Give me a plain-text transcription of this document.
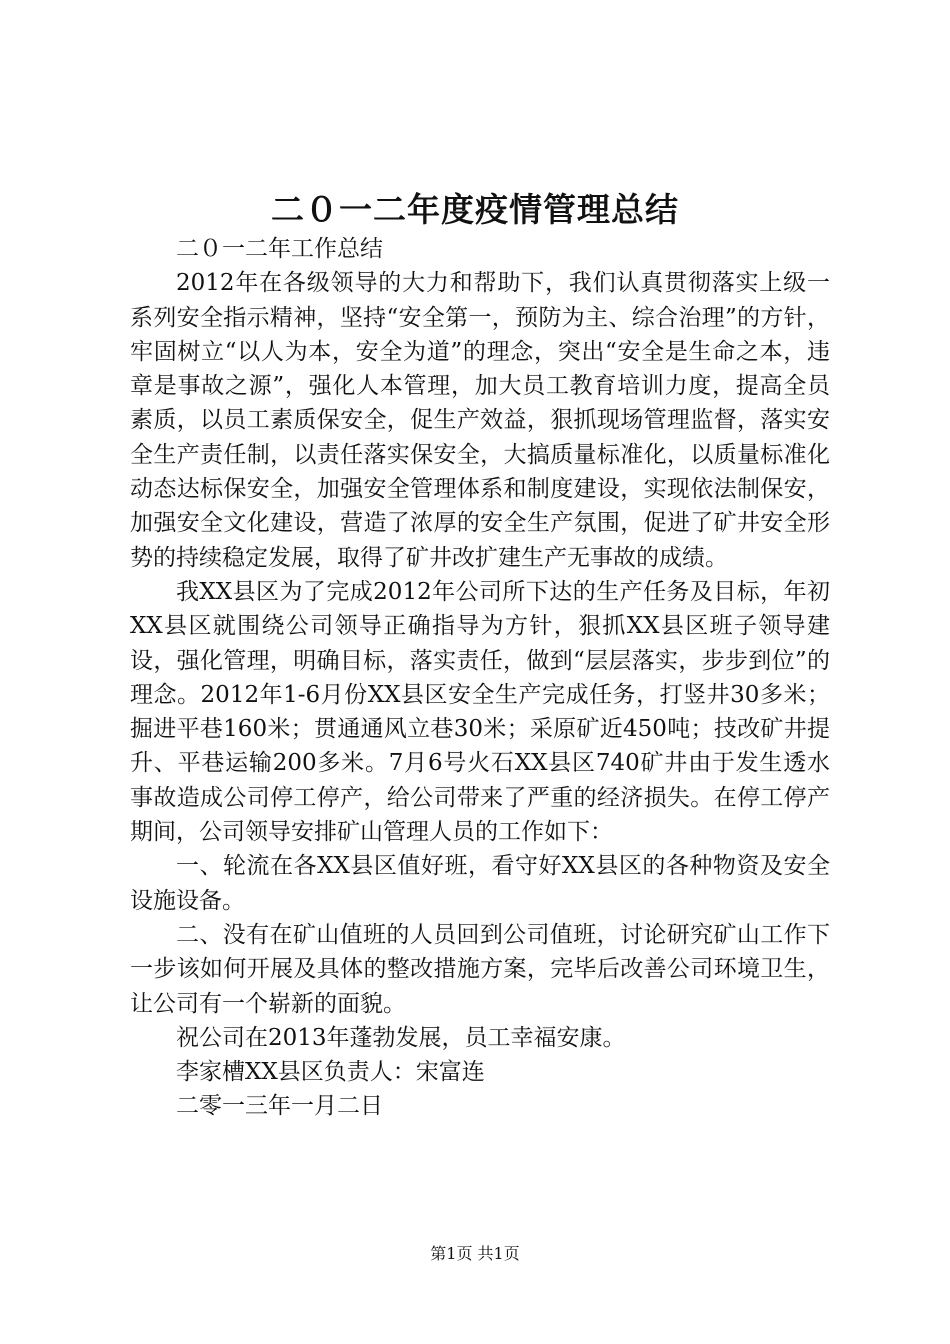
二０一二年度疫情管理总结

二０一二年工作总结

2012年在各级领导的大力和帮助下，我们认真贯彻落实上级一系列安全指示精神，坚持“安全第一，预防为主、综合治理”的方针，牢固树立“以人为本，安全为道”的理念，突出“安全是生命之本，违章是事故之源”，强化人本管理，加大员工教育培训力度，提高全员素质，以员工素质保安全，促生产效益，狠抓现场管理监督，落实安全生产责任制，以责任落实保安全，大搞质量标准化，以质量标准化动态达标保安全，加强安全管理体系和制度建设，实现依法制保安，加强安全文化建设，营造了浓厚的安全生产氛围，促进了矿井安全形势的持续稳定发展，取得了矿井改扩建生产无事故的成绩。

我XX县区为了完成2012年公司所下达的生产任务及目标，年初XX县区就围绕公司领导正确指导为方针，狠抓XX县区班子领导建设，强化管理，明确目标，落实责任，做到“层层落实，步步到位”的理念。2012年1-6月份XX县区安全生产完成任务，打竖井30多米；掘进平巷160米；贯通通风立巷30米；采原矿近450吨；技改矿井提升、平巷运输200多米。7月6号火石XX县区740矿井由于发生透水事故造成公司停工停产，给公司带来了严重的经济损失。在停工停产期间，公司领导安排矿山管理人员的工作如下：

一、轮流在各XX县区值好班，看守好XX县区的各种物资及安全设施设备。

二、没有在矿山值班的人员回到公司值班，讨论研究矿山工作下一步该如何开展及具体的整改措施方案，完毕后改善公司环境卫生，让公司有一个崭新的面貌。

祝公司在2013年蓬勃发展，员工幸福安康。

李家槽XX县区负责人：宋富连

二零一三年一月二日

第1页 共1页
